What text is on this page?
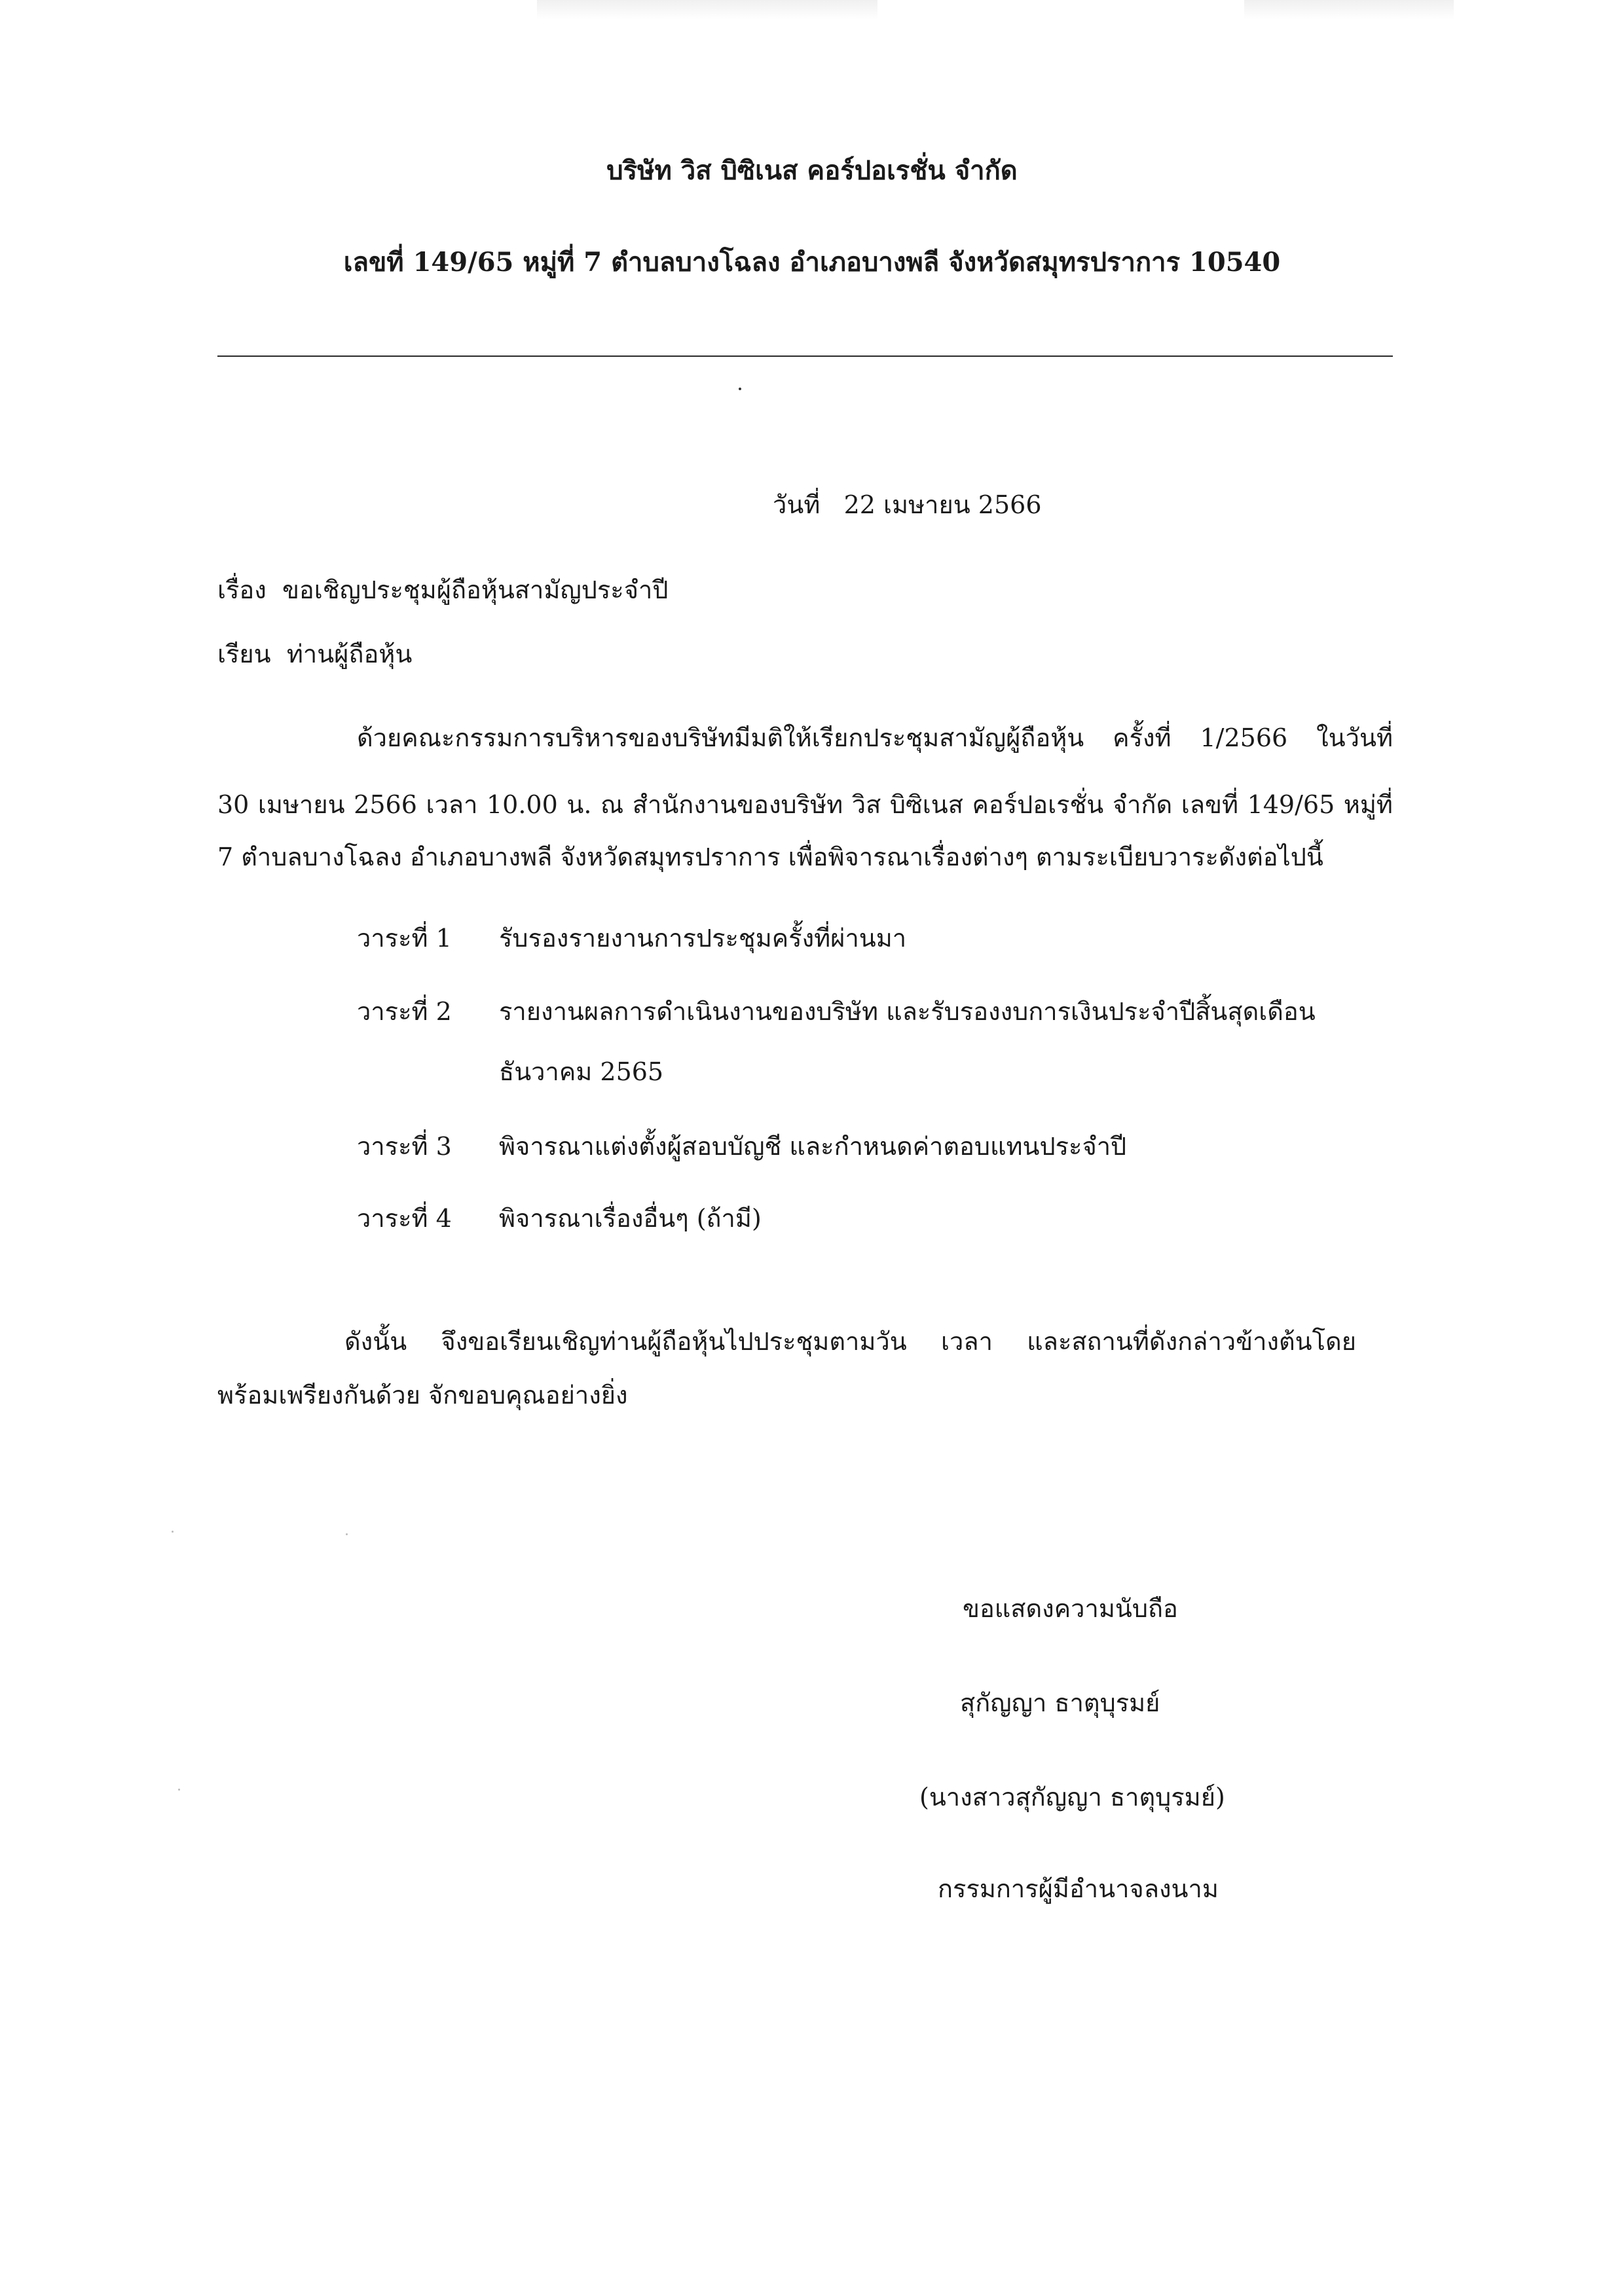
บริษัท วิส บิซิเนส คอร์ปอเรชั่น จำกัด
เลขที่ 149/65 หมู่ที่ 7 ตำบลบางโฉลง อำเภอบางพลี จังหวัดสมุทรปราการ 10540
วันที่ 22 เมษายน 2566
เรื่อง ขอเชิญประชุมผู้ถือหุ้นสามัญประจำปี
เรียน ท่านผู้ถือหุ้น
ด้วยคณะกรรมการบริหารของบริษัทมีมติให้เรียกประชุมสามัญผู้ถือหุ้น ครั้งที่ 1/2566 ในวันที่
30 เมษายน 2566 เวลา 10.00 น. ณ สำนักงานของบริษัท วิส บิซิเนส คอร์ปอเรชั่น จำกัด เลขที่ 149/65 หมู่ที่
7 ตำบลบางโฉลง อำเภอบางพลี จังหวัดสมุทรปราการ เพื่อพิจารณาเรื่องต่างๆ ตามระเบียบวาระดังต่อไปนี้
วาระที่ 1 รับรองรายงานการประชุมครั้งที่ผ่านมา
วาระที่ 2 รายงานผลการดำเนินงานของบริษัท และรับรองงบการเงินประจำปีสิ้นสุดเดือน
ธันวาคม 2565
วาระที่ 3 พิจารณาแต่งตั้งผู้สอบบัญชี และกำหนดค่าตอบแทนประจำปี
วาระที่ 4 พิจารณาเรื่องอื่นๆ (ถ้ามี)
ดังนั้น จึงขอเรียนเชิญท่านผู้ถือหุ้นไปประชุมตามวัน เวลา และสถานที่ดังกล่าวข้างต้นโดย
พร้อมเพรียงกันด้วย จักขอบคุณอย่างยิ่ง
ขอแสดงความนับถือ
สุกัญญา ธาตุบุรมย์
(นางสาวสุกัญญา ธาตุบุรมย์)
กรรมการผู้มีอำนาจลงนาม
